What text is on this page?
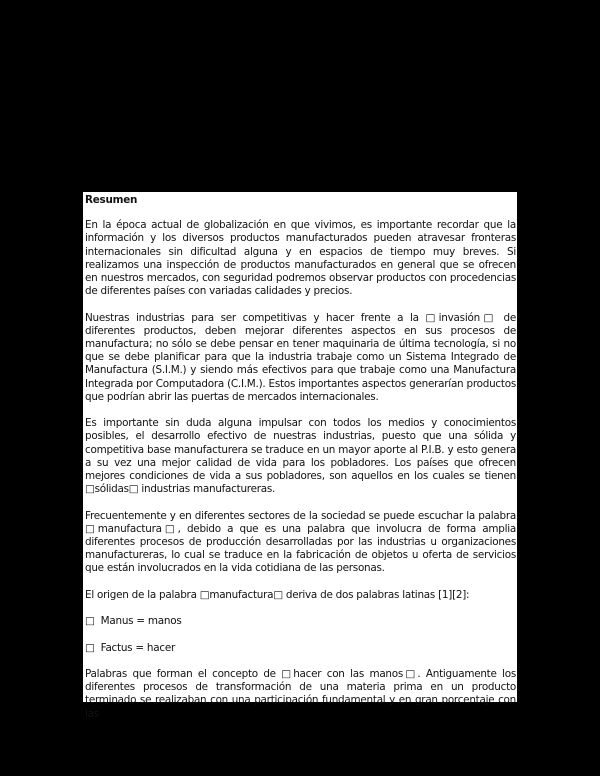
Resumen

En la época actual de globalización en que vivimos, es importante recordar que la información y los diversos productos manufacturados pueden atravesar fronteras internacionales sin dificultad alguna y en espacios de tiempo muy breves. Si realizamos una inspección de productos manufacturados en general que se ofrecen en nuestros mercados, con seguridad podremos observar productos con procedencias de diferentes países con variadas calidades y precios.

Nuestras industrias para ser competitivas y hacer frente a la □invasión□ de diferentes productos, deben mejorar diferentes aspectos en sus procesos de manufactura; no sólo se debe pensar en tener maquinaria de última tecnología, si no que se debe planificar para que la industria trabaje como un Sistema Integrado de Manufactura (S.I.M.) y siendo más efectivos para que trabaje como una Manufactura Integrada por Computadora (C.I.M.). Estos importantes aspectos generarían productos que podrían abrir las puertas de mercados internacionales.

Es importante sin duda alguna impulsar con todos los medios y conocimientos posibles, el desarrollo efectivo de nuestras industrias, puesto que una sólida y competitiva base manufacturera se traduce en un mayor aporte al P.I.B. y esto genera a su vez una mejor calidad de vida para los pobladores. Los países que ofrecen mejores condiciones de vida a sus pobladores, son aquellos en los cuales se tienen □sólidas□ industrias manufactureras.

Frecuentemente y en diferentes sectores de la sociedad se puede escuchar la palabra □manufactura□, debido a que es una palabra que involucra de forma amplia diferentes procesos de producción desarrolladas por las industrias u organizaciones manufactureras, lo cual se traduce en la fabricación de objetos u oferta de servicios que están involucrados en la vida cotidiana de las personas.

El origen de la palabra □manufactura□ deriva de dos palabras latinas [1][2]:

□  Manus = manos

□  Factus = hacer

Palabras que forman el concepto de □hacer con las manos□. Antiguamente los diferentes procesos de transformación de una materia prima en un producto terminado se realizaban con una participación fundamental y en gran porcentaje con las
